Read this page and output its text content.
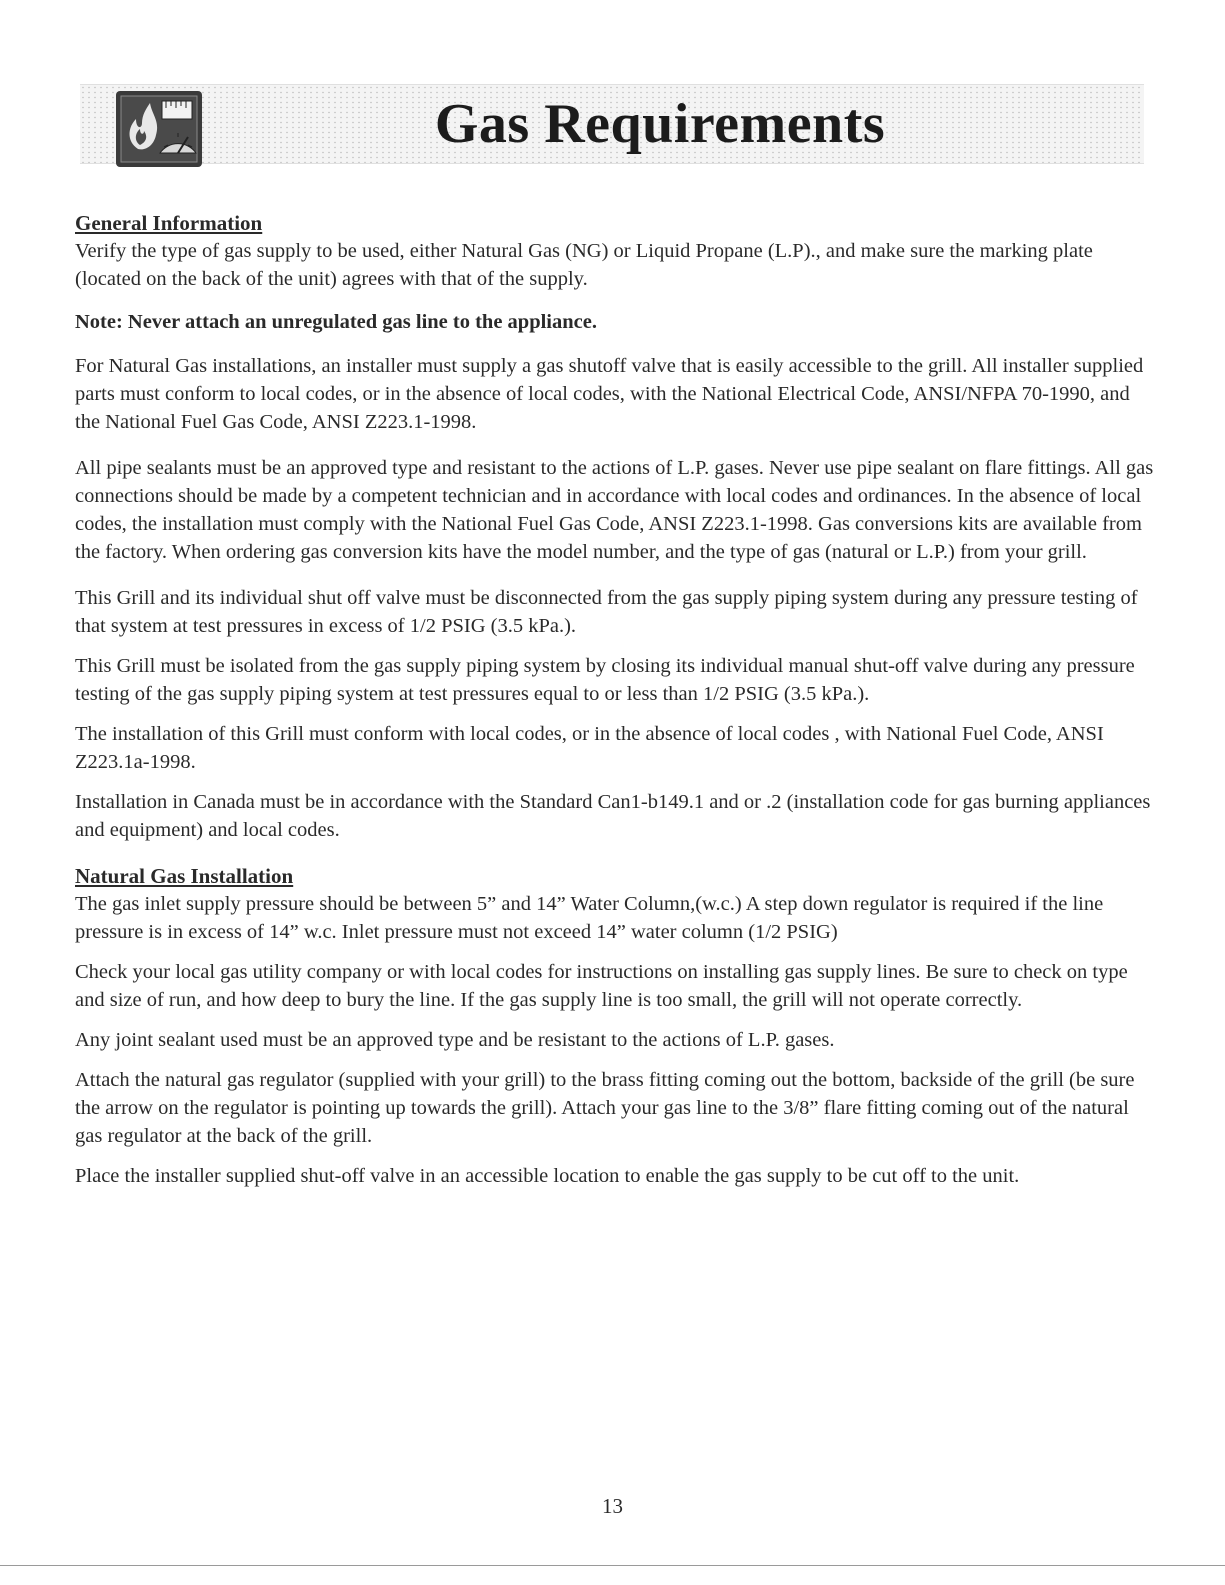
Gas Requirements

General Information

Verify the type of gas supply to be used, either Natural Gas (NG) or Liquid Propane (L.P)., and make sure the marking plate (located on the back of the unit) agrees with that of the supply.

Note: Never attach an unregulated gas line to the appliance.

For Natural Gas installations, an installer must supply a gas shutoff valve that is easily accessible to the grill. All installer supplied parts must conform to local codes, or in the absence of local codes, with the National Electrical Code, ANSI/NFPA 70-1990, and the National Fuel Gas Code, ANSI Z223.1-1998.

All pipe sealants must be an approved type and resistant to the actions of L.P. gases. Never use pipe sealant on flare fittings. All gas connections should be made by a competent technician and in accordance with local codes and ordinances. In the absence of local codes, the installation must comply with the National Fuel Gas Code, ANSI Z223.1-1998. Gas conversions kits are available from the factory. When ordering gas conversion kits have the model number, and the type of gas (natural or L.P.) from your grill.

This Grill and its individual shut off valve must be disconnected from the gas supply piping system during any pressure testing of that system at test pressures in excess of 1/2 PSIG (3.5 kPa.).

This Grill must be isolated from the gas supply piping system by closing its individual manual shut-off valve during any pressure testing of the gas supply piping system at test pressures equal to or less than 1/2 PSIG (3.5 kPa.).

The installation of this Grill must conform with local codes, or in the absence of local codes , with National Fuel Code, ANSI Z223.1a-1998.

Installation in Canada must be in accordance with the Standard Can1-b149.1 and or .2 (installation code for gas burning appliances and equipment) and local codes.

Natural Gas Installation

The gas inlet supply pressure should be between 5” and 14” Water Column,(w.c.) A step down regulator is required if the line pressure is in excess of 14” w.c. Inlet pressure must not exceed 14” water column (1/2 PSIG)

Check your local gas utility company or with local codes for instructions on installing gas supply lines. Be sure to check on type and size of run, and how deep to bury the line. If the gas supply line is too small, the grill will not operate correctly.

Any joint sealant used must be an approved type and be resistant to the actions of L.P. gases.

Attach the natural gas regulator (supplied with your grill) to the brass fitting coming out the bottom, backside of the grill (be sure the arrow on the regulator is pointing up towards the grill). Attach your gas line to the 3/8” flare fitting coming out of the natural gas regulator at the back of the grill.

Place the installer supplied shut-off valve in an accessible location to enable the gas supply to be cut off to the unit.

13
